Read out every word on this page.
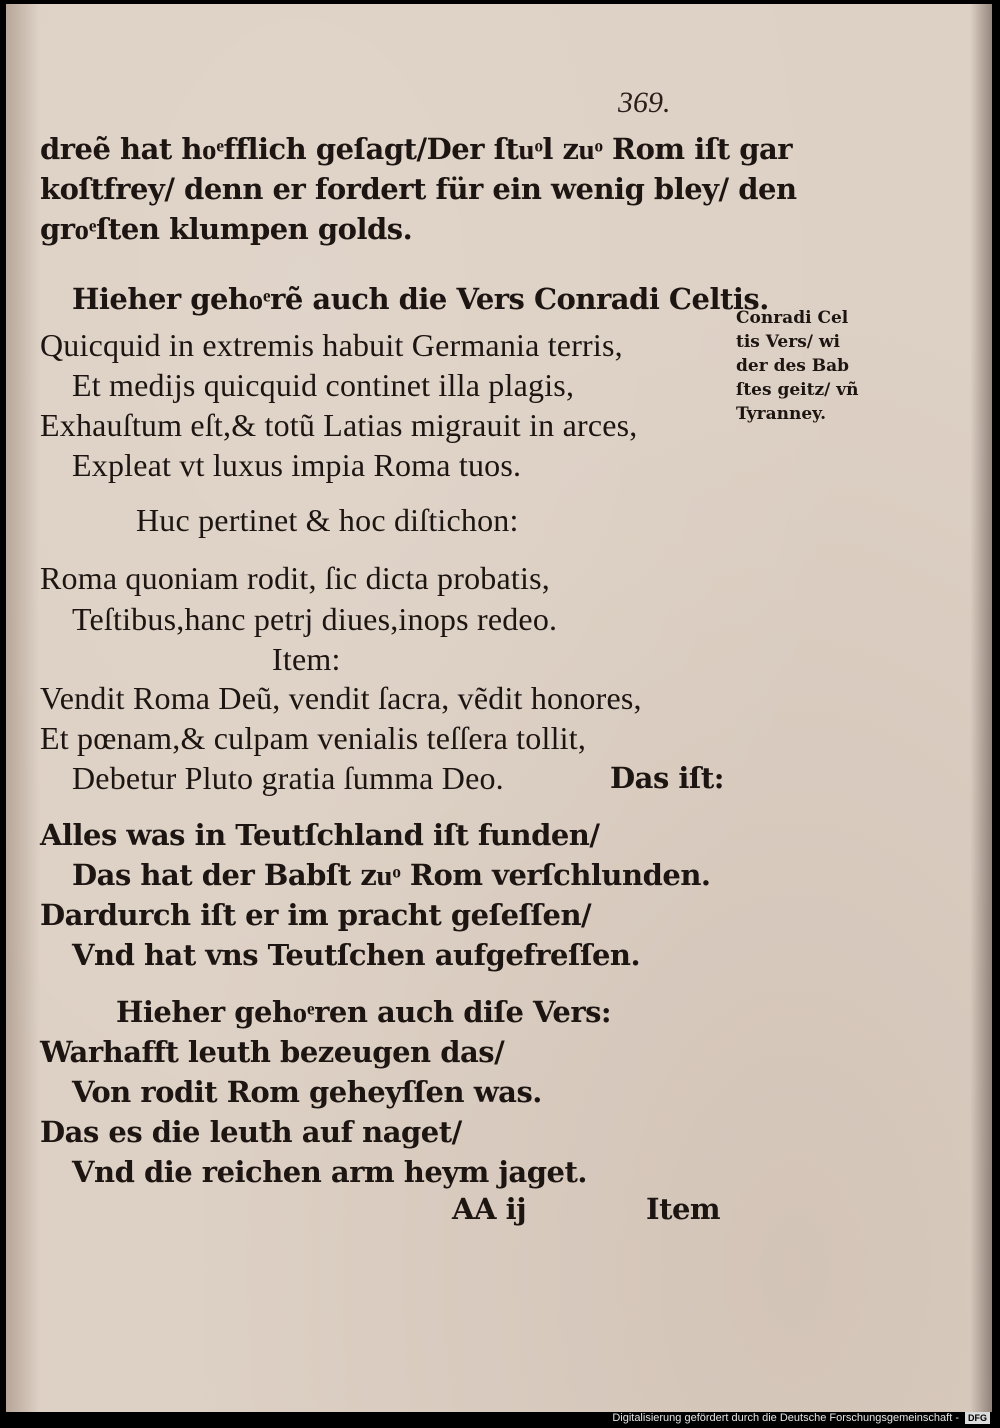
369.
dreẽ hat hoͤfflich geſagt/Der ſtuͦl zuͦ Rom iſt gar
koſtfrey/ denn er fordert für ein wenig bley/ den
groͤſten klumpen golds.
Hieher gehoͤrẽ auch die Vers Conradi Celtis.
Quicquid in extremis habuit Germania terris,
Et medijs quicquid continet illa plagis,
Exhauſtum eſt,& totũ Latias migrauit in arces,
Expleat vt luxus impia Roma tuos.
Huc pertinet & hoc diſtichon:
Roma quoniam rodit, ſic dicta probatis,
Teſtibus,hanc petrj diues,inops redeo.
Item:
Vendit Roma Deũ, vendit ſacra, vẽdit honores,
Et pœnam,& culpam venialis teſſera tollit,
Debetur Pluto gratia ſumma Deo.	Das iſt:
Alles was in Teutſchland iſt funden/
Das hat der Babſt zuͦ Rom verſchlunden.
Dardurch iſt er im pracht geſeſſen/
Vnd hat vns Teutſchen aufgefreſſen.
Hieher gehoͤren auch diſe Vers:
Warhafft leuth bezeugen das/
Von rodit Rom geheyſſen was.
Das es die leuth auf naget/
Vnd die reichen arm heym jaget.
AA ij	Item
Conradi Cel
tis Vers/ wi
der des Bab
ſtes geitz/ vñ
Tyranney.
Digitalisierung gefördert durch die Deutsche Forschungsgemeinschaft -	DFG
